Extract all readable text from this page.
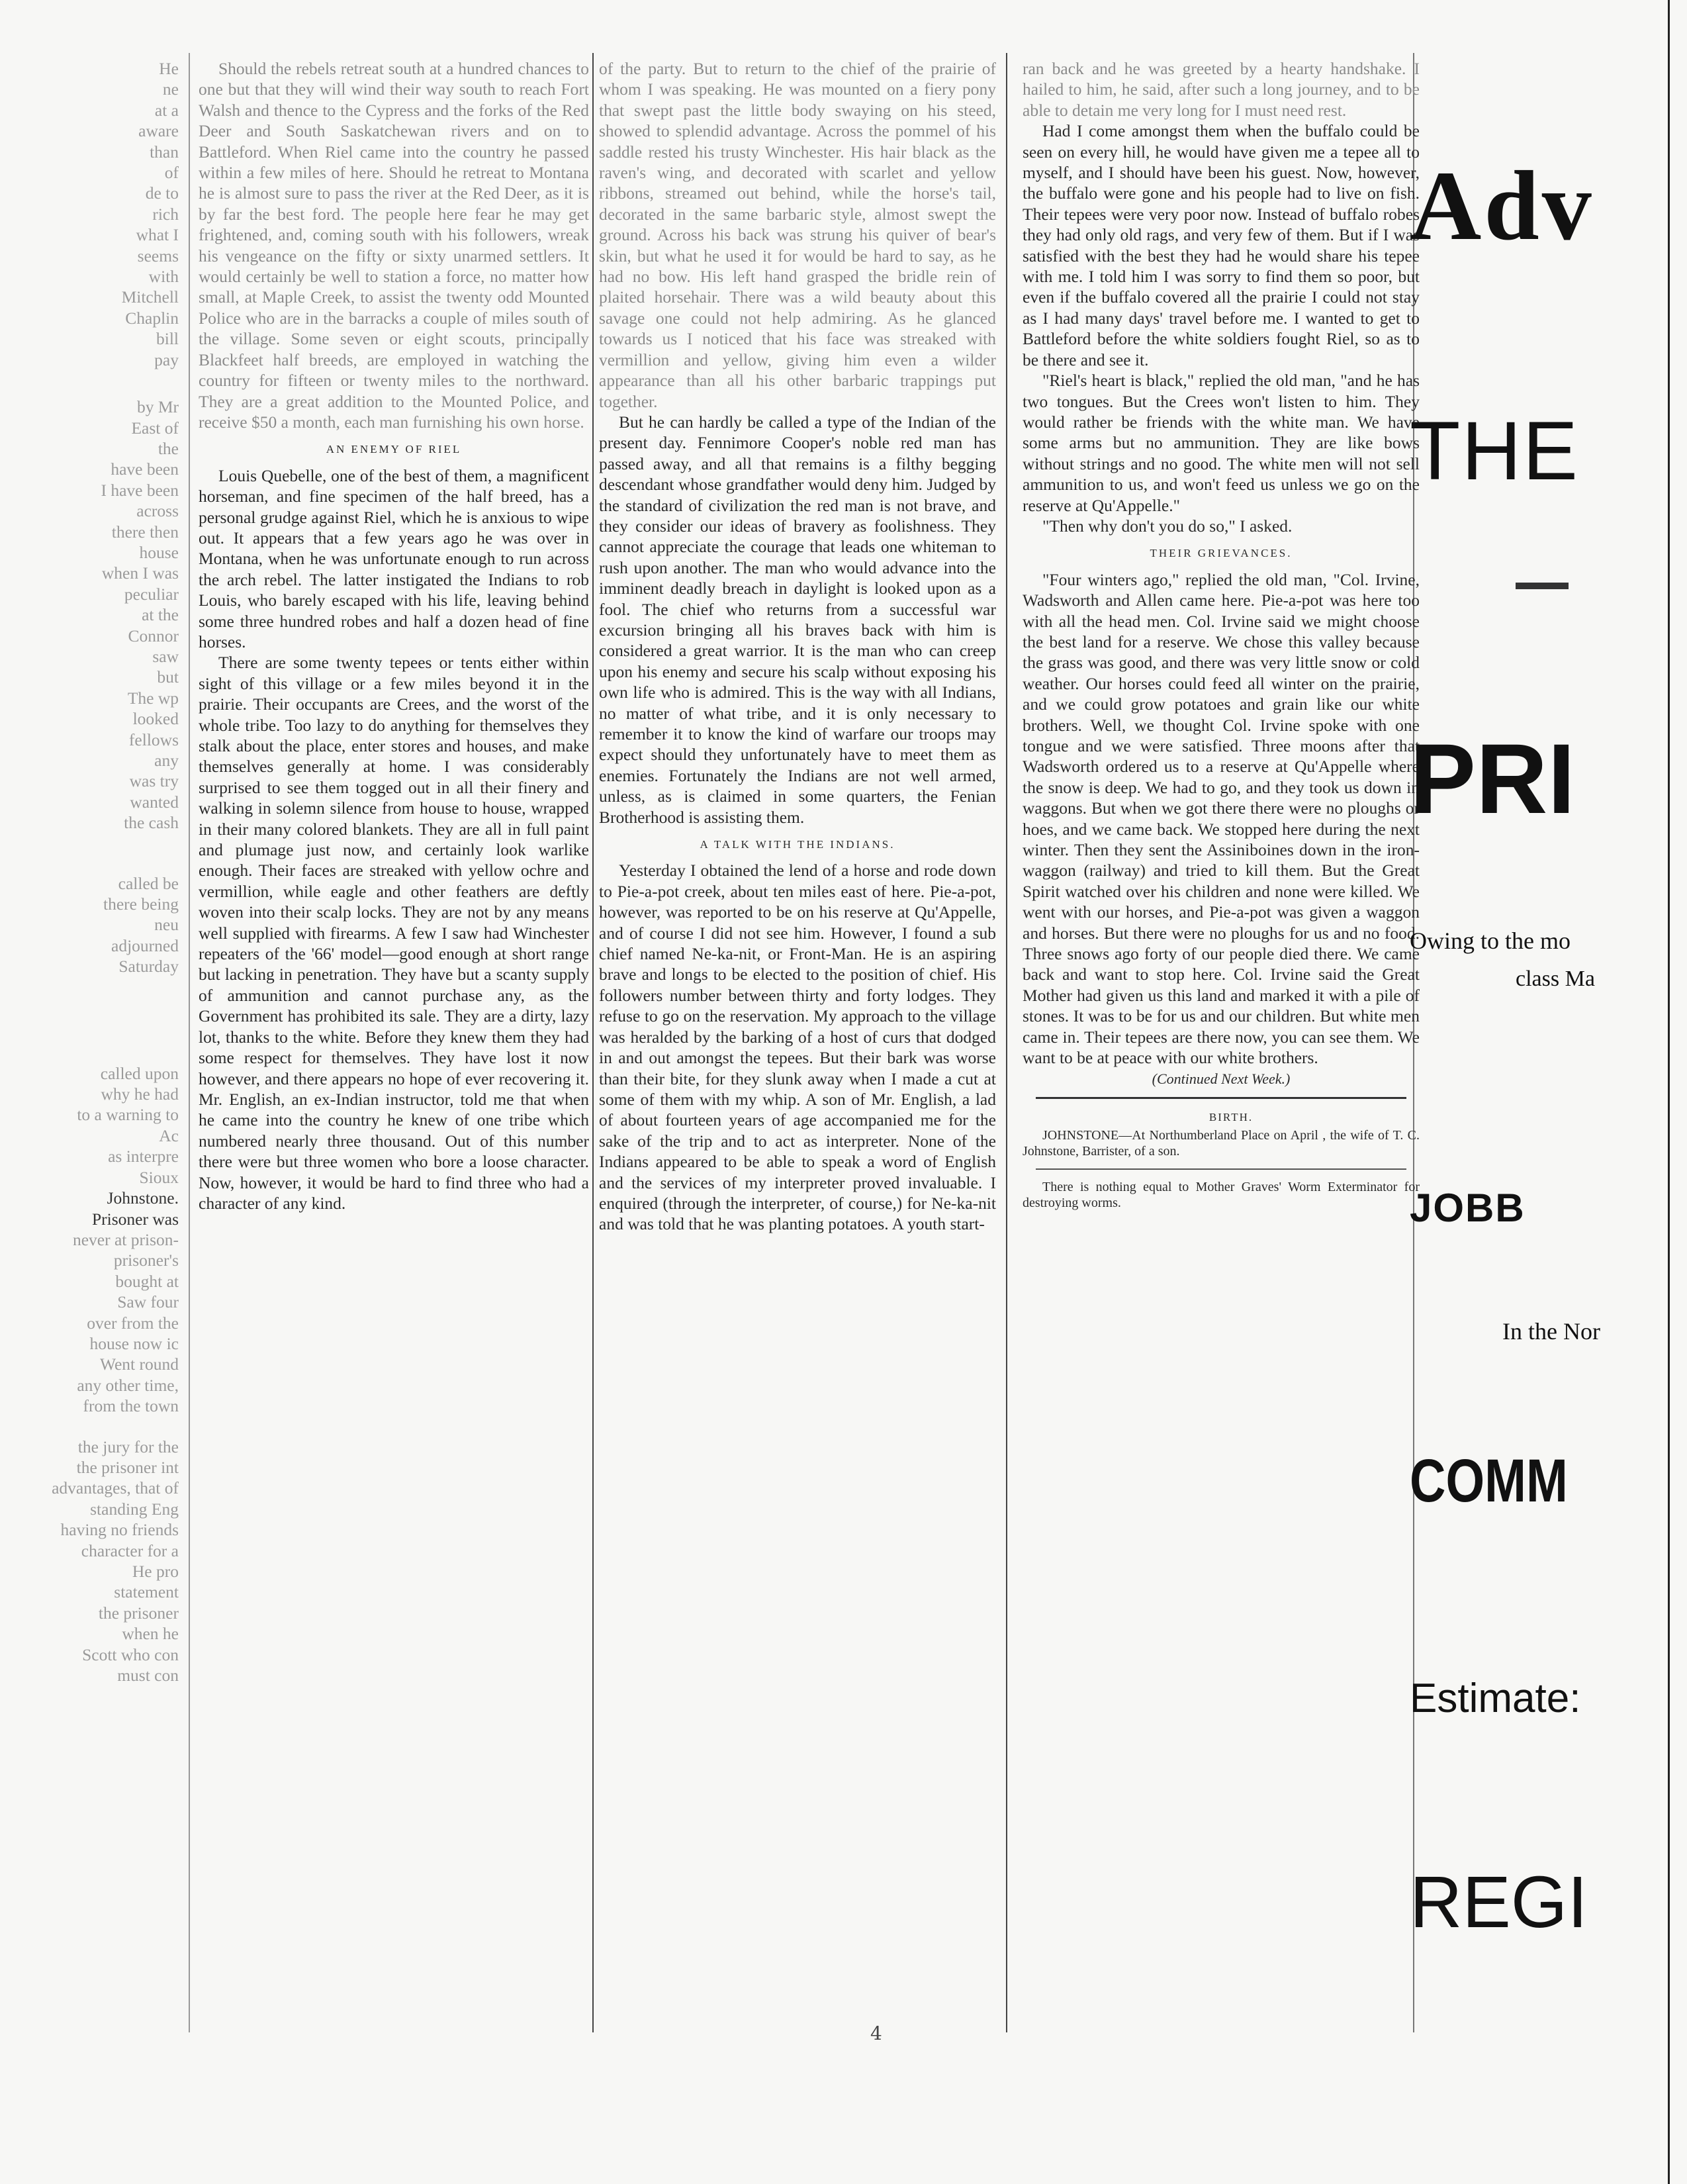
He

ne

at a

aware

than

of

de to

rich

what I

seems

with

Mitchell

Chaplin

bill

pay

by Mr

East of

the

have been

I have been

across

there then

house

when I was

peculiar

at the

Connor

saw

but

The wp

looked

fellows

any

was try

wanted

the cash

called be

there being

neu

adjourned

Saturday

called upon

why he had

to a warning to

Ac

as interpre

Sioux

Johnstone.

Prisoner was

never at prison-

prisoner's

bought at

Saw four

over from the

house now ic

Went round

any other time,

from the town

the jury for the

the prisoner int

advantages, that of

standing Eng

having no friends

character for a

He pro

statement

the prisoner

when he

Scott who con

must con

Should the rebels retreat south at a hundred chances to one but that they will wind their way south to reach Fort Walsh and thence to the Cypress and the forks of the Red Deer and South Saskatchewan rivers and on to Battleford. When Riel came into the country he passed within a few miles of here. Should he retreat to Montana he is almost sure to pass the river at the Red Deer, as it is by far the best ford. The people here fear he may get frightened, and, coming south with his followers, wreak his vengeance on the fifty or sixty unarmed settlers. It would certainly be well to station a force, no matter how small, at Maple Creek, to assist the twenty odd Mounted Police who are in the barracks a couple of miles south of the village. Some seven or eight scouts, principally Blackfeet half breeds, are employed in watching the country for fifteen or twenty miles to the northward. They are a great addition to the Mounted Police, and receive $50 a month, each man furnishing his own horse.

AN ENEMY OF RIEL

Louis Quebelle, one of the best of them, a magnificent horseman, and fine specimen of the half breed, has a personal grudge against Riel, which he is anxious to wipe out. It appears that a few years ago he was over in Montana, when he was unfortunate enough to run across the arch rebel. The latter instigated the Indians to rob Louis, who barely escaped with his life, leaving behind some three hundred robes and half a dozen head of fine horses.

There are some twenty tepees or tents either within sight of this village or a few miles beyond it in the prairie. Their occupants are Crees, and the worst of the whole tribe. Too lazy to do anything for themselves they stalk about the place, enter stores and houses, and make themselves generally at home. I was considerably surprised to see them togged out in all their finery and walking in solemn silence from house to house, wrapped in their many colored blankets. They are all in full paint and plumage just now, and certainly look warlike enough. Their faces are streaked with yellow ochre and vermillion, while eagle and other feathers are deftly woven into their scalp locks. They are not by any means well supplied with firearms. A few I saw had Winchester repeaters of the '66' model—good enough at short range but lacking in penetration. They have but a scanty supply of ammunition and cannot purchase any, as the Government has prohibited its sale. They are a dirty, lazy lot, thanks to the white. Before they knew them they had some respect for themselves. They have lost it now however, and there appears no hope of ever recovering it. Mr. English, an ex-Indian instructor, told me that when he came into the country he knew of one tribe which numbered nearly three thousand. Out of this number there were but three women who bore a loose character. Now, however, it would be hard to find three who had a character of any kind.

of the party. But to return to the chief of the prairie of whom I was speaking. He was mounted on a fiery pony that swept past the little body swaying on his steed, showed to splendid advantage. Across the pommel of his saddle rested his trusty Winchester. His hair black as the raven's wing, and decorated with scarlet and yellow ribbons, streamed out behind, while the horse's tail, decorated in the same barbaric style, almost swept the ground. Across his back was strung his quiver of bear's skin, but what he used it for would be hard to say, as he had no bow. His left hand grasped the bridle rein of plaited horsehair. There was a wild beauty about this savage one could not help admiring. As he glanced towards us I noticed that his face was streaked with vermillion and yellow, giving him even a wilder appearance than all his other barbaric trappings put together.

But he can hardly be called a type of the Indian of the present day. Fennimore Cooper's noble red man has passed away, and all that remains is a filthy begging descendant whose grandfather would deny him. Judged by the standard of civilization the red man is not brave, and they consider our ideas of bravery as foolishness. They cannot appreciate the courage that leads one whiteman to rush upon another. The man who would advance into the imminent deadly breach in daylight is looked upon as a fool. The chief who returns from a successful war excursion bringing all his braves back with him is considered a great warrior. It is the man who can creep upon his enemy and secure his scalp without exposing his own life who is admired. This is the way with all Indians, no matter of what tribe, and it is only necessary to remember it to know the kind of warfare our troops may expect should they unfortunately have to meet them as enemies. Fortunately the Indians are not well armed, unless, as is claimed in some quarters, the Fenian Brotherhood is assisting them.

A TALK WITH THE INDIANS.

Yesterday I obtained the lend of a horse and rode down to Pie-a-pot creek, about ten miles east of here. Pie-a-pot, however, was reported to be on his reserve at Qu'Appelle, and of course I did not see him. However, I found a sub chief named Ne-ka-nit, or Front-Man. He is an aspiring brave and longs to be elected to the position of chief. His followers number between thirty and forty lodges. They refuse to go on the reservation. My approach to the village was heralded by the barking of a host of curs that dodged in and out amongst the tepees. But their bark was worse than their bite, for they slunk away when I made a cut at some of them with my whip. A son of Mr. English, a lad of about fourteen years of age accompanied me for the sake of the trip and to act as interpreter. None of the Indians appeared to be able to speak a word of English and the services of my interpreter proved invaluable. I enquired (through the interpreter, of course,) for Ne-ka-nit and was told that he was planting potatoes. A youth start-

ran back and he was greeted by a hearty handshake. I hailed to him, he said, after such a long journey, and to be able to detain me very long for I must need rest.

Had I come amongst them when the buffalo could be seen on every hill, he would have given me a tepee all to myself, and I should have been his guest. Now, however, the buffalo were gone and his people had to live on fish. Their tepees were very poor now. Instead of buffalo robes they had only old rags, and very few of them. But if I was satisfied with the best they had he would share his tepee with me. I told him I was sorry to find them so poor, but even if the buffalo covered all the prairie I could not stay as I had many days' travel before me. I wanted to get to Battleford before the white soldiers fought Riel, so as to be there and see it.

"Riel's heart is black," replied the old man, "and he has two tongues. But the Crees won't listen to him. They would rather be friends with the white man. We have some arms but no ammunition. They are like bows without strings and no good. The white men will not sell ammunition to us, and won't feed us unless we go on the reserve at Qu'Appelle."

"Then why don't you do so," I asked.

THEIR GRIEVANCES.

"Four winters ago," replied the old man, "Col. Irvine, Wadsworth and Allen came here. Pie-a-pot was here too with all the head men. Col. Irvine said we might choose the best land for a reserve. We chose this valley because the grass was good, and there was very little snow or cold weather. Our horses could feed all winter on the prairie, and we could grow potatoes and grain like our white brothers. Well, we thought Col. Irvine spoke with one tongue and we were satisfied. Three moons after that Wadsworth ordered us to a reserve at Qu'Appelle where the snow is deep. We had to go, and they took us down in waggons. But when we got there there were no ploughs or hoes, and we came back. We stopped here during the next winter. Then they sent the Assiniboines down in the iron-waggon (railway) and tried to kill them. But the Great Spirit watched over his children and none were killed. We went with our horses, and Pie-a-pot was given a waggon and horses. But there were no ploughs for us and no food. Three snows ago forty of our people died there. We came back and want to stop here. Col. Irvine said the Great Mother had given us this land and marked it with a pile of stones. It was to be for us and our children. But white men came in. Their tepees are there now, you can see them. We want to be at peace with our white brothers.

(Continued Next Week.)

BIRTH.

JOHNSTONE—At Northumberland Place on April , the wife of T. C. Johnstone, Barrister, of a son.

There is nothing equal to Mother Graves' Worm Exterminator for destroying worms.

Adv
THE
PRI
Owing to the mo
class Ma
JOBB
In the Nor
COMM
Estimate:
REGI
4
